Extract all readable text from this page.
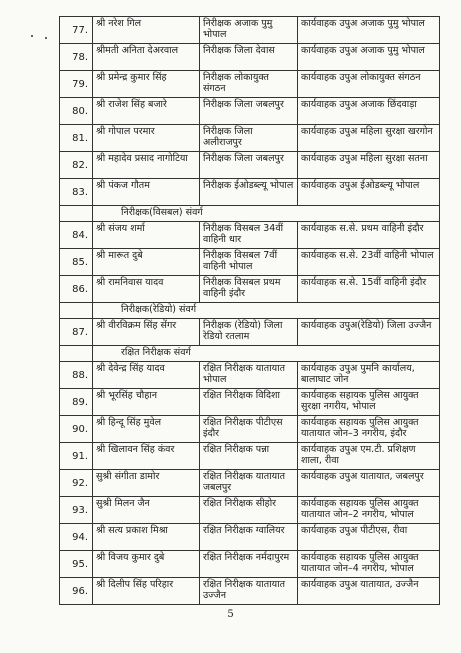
77.	श्री नरेश गिल	निरीक्षक अजाक पुमु भोपाल	कार्यवाहक उपुअ अजाक पुमु भोपाल
78.	श्रीमती अनिता देअरवाल	निरीक्षक जिला देवास	कार्यवाहक उपुअ अजाक पुमु भोपाल
79.	श्री प्रमेन्द्र कुमार सिंह	निरीक्षक लोकायुक्त संगठन	कार्यवाहक उपुअ लोकायुक्त संगठन
80.	श्री राजेश सिंह बजारे	निरीक्षक जिला जबलपुर	कार्यवाहक उपुअ अजाक छिंदवाड़ा
81.	श्री गोपाल परमार	निरीक्षक जिला अलीराजपुर	कार्यवाहक उपुअ महिला सुरक्षा खरगोन
82.	श्री महादेव प्रसाद नागोटिया	निरीक्षक जिला जबलपुर	कार्यवाहक उपुअ महिला सुरक्षा सतना
83.	श्री पंकज गौतम	निरीक्षक ईओडब्ल्यू भोपाल	कार्यवाहक उपुअ ईओडब्ल्यू भोपाल
	निरीक्षक(विसबल) संवर्ग		
84.	श्री संजय शर्मा	निरीक्षक विसबल 34वीं वाहिनी धार	कार्यवाहक स.से. प्रथम वाहिनी इंदौर
85.	श्री मारूत दुबे	निरीक्षक विसबल 7वीं वाहिनी भोपाल	कार्यवाहक स.से. 23वीं वाहिनी भोपाल
86.	श्री रामनिवास यादव	निरीक्षक विसबल प्रथम वाहिनी इंदौर	कार्यवाहक स.से. 15वीं वाहिनी इंदौर
	निरीक्षक(रेडियो) संवर्ग		
87.	श्री वीरविक्रम सिंह सेंगर	निरीक्षक (रेडियो) जिला रेडियो रतलाम	कार्यवाहक उपुअ(रेडियो) जिला उज्जैन
	रक्षित निरीक्षक संवर्ग		
88.	श्री देवेन्द्र सिंह यादव	रक्षित निरीक्षक यातायात भोपाल	कार्यवाहक उपुअ पुमनि कार्यालय, बालाघाट जोन
89.	श्री भूरसिंह चौहान	रक्षित निरीक्षक विदिशा	कार्यवाहक सहायक पुलिस आयुक्त सुरक्षा नगरीय, भोपाल
90.	श्री हिन्दू सिंह मुवेल	रक्षित निरीक्षक पीटीएस इंदौर	कार्यवाहक सहायक पुलिस आयुक्त यातायात जोन–3 नगरीय, इंदौर
91.	श्री खिलावन सिंह कंवर	रक्षित निरीक्षक पन्ना	कार्यवाहक उपुअ एम.टी. प्रशिक्षण शाला, रीवा
92.	सुश्री संगीता डामोर	रक्षित निरीक्षक यातायात जबलपुर	कार्यवाहक उपुअ यातायात, जबलपुर
93.	सुश्री मिलन जैन	रक्षित निरीक्षक सीहोर	कार्यवाहक सहायक पुलिस आयुक्त यातायात जोन–2 नगरीय, भोपाल
94.	श्री सत्य प्रकाश मिश्रा	रक्षित निरीक्षक ग्वालियर	कार्यवाहक उपुअ पीटीएस, रीवा
95.	श्री विजय कुमार दुबे	रक्षित निरीक्षक नर्मदापुरम	कार्यवाहक सहायक पुलिस आयुक्त यातायात जोन–4 नगरीय, भोपाल
96.	श्री दिलीप सिंह परिहार	रक्षित निरीक्षक यातायात उज्जैन	कार्यवाहक उपुअ यातायात, उज्जैन
5
